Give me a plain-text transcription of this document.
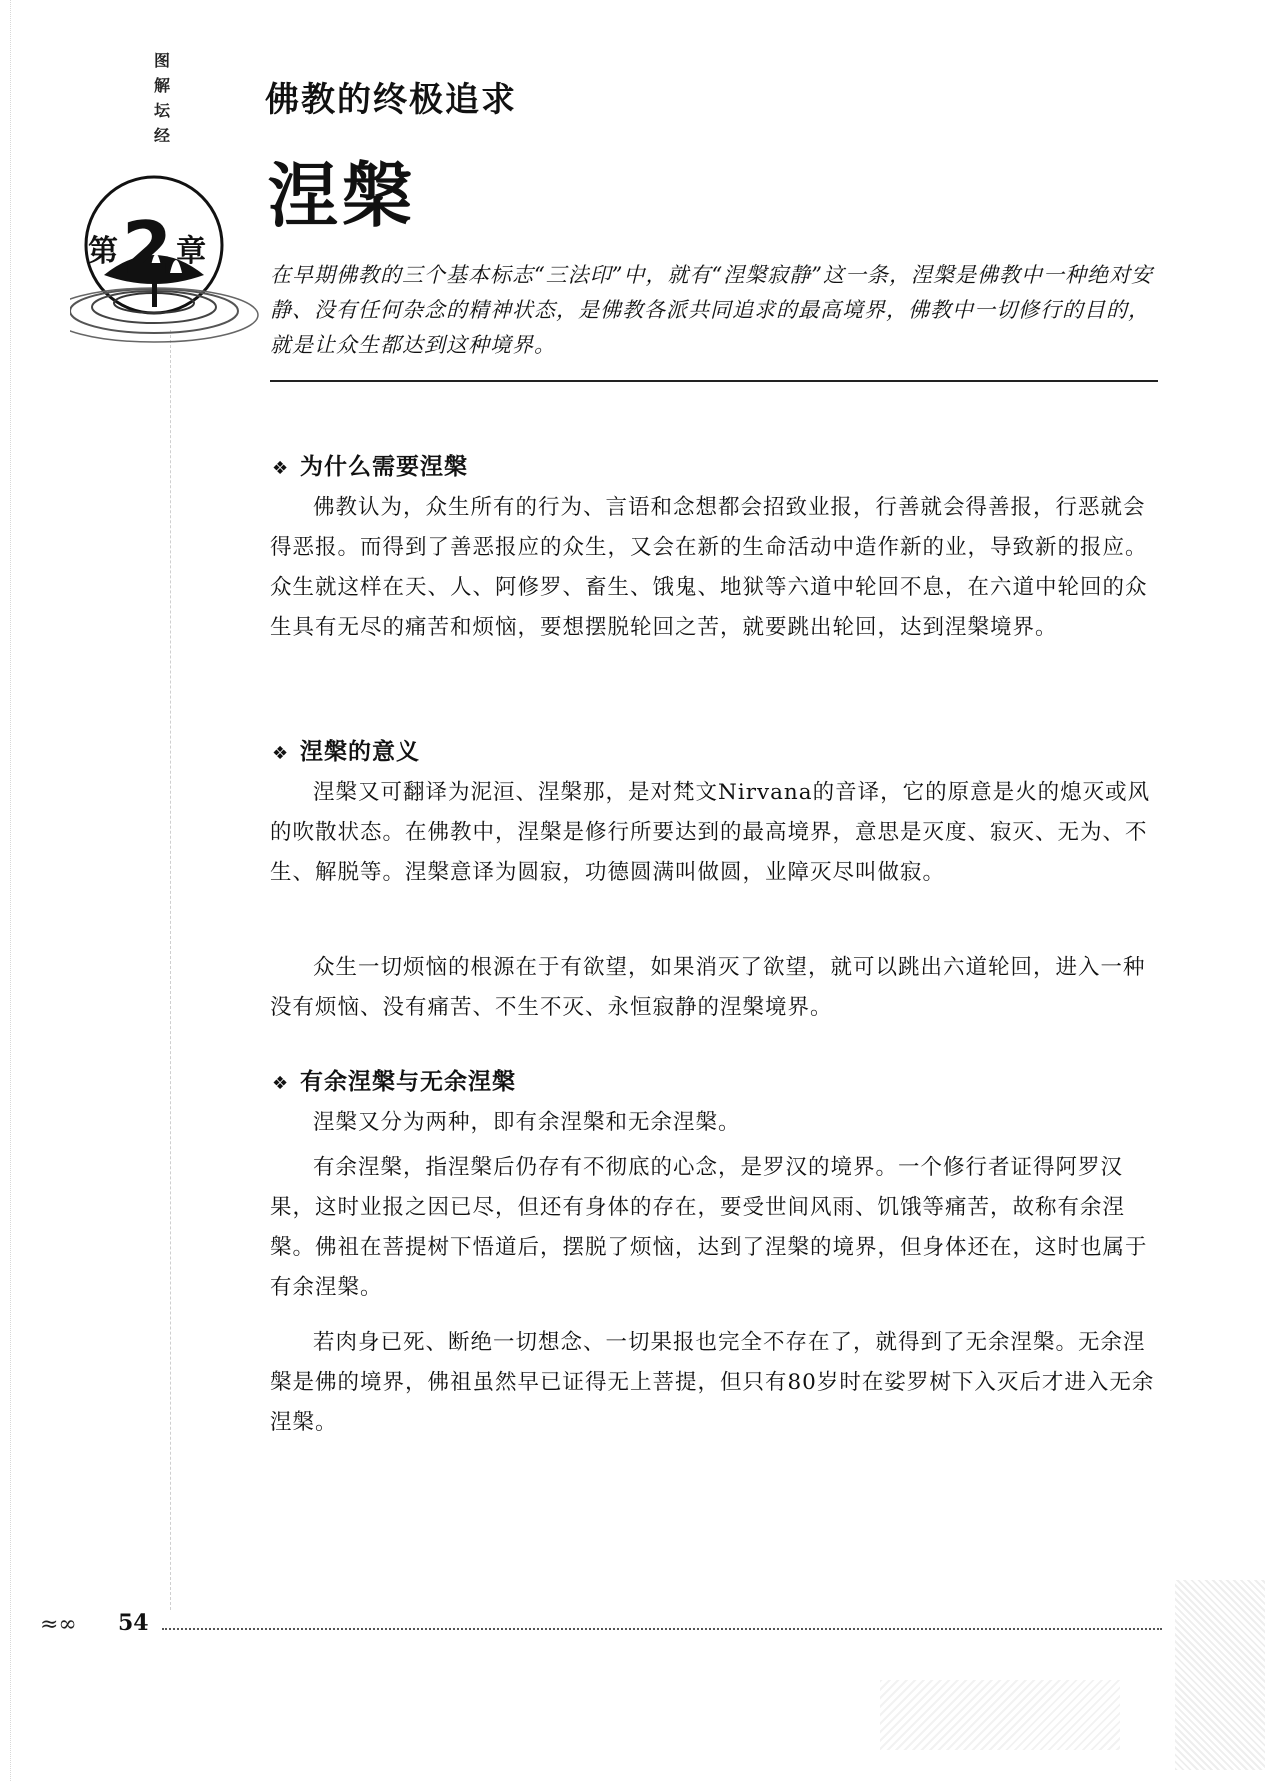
图解坛经
第2 章
佛教的终极追求
涅槃
在早期佛教的三个基本标志“三法印”中，就有“涅槃寂静”这一条，涅槃是佛教中一种绝对安静、没有任何杂念的精神状态，是佛教各派共同追求的最高境界，佛教中一切修行的目的，就是让众生都达到这种境界。
❖ 为什么需要涅槃
佛教认为，众生所有的行为、言语和念想都会招致业报，行善就会得善报，行恶就会得恶报。而得到了善恶报应的众生，又会在新的生命活动中造作新的业，导致新的报应。众生就这样在天、人、阿修罗、畜生、饿鬼、地狱等六道中轮回不息，在六道中轮回的众生具有无尽的痛苦和烦恼，要想摆脱轮回之苦，就要跳出轮回，达到涅槃境界。
❖ 涅槃的意义
涅槃又可翻译为泥洹、涅槃那，是对梵文Nirvana的音译，它的原意是火的熄灭或风的吹散状态。在佛教中，涅槃是修行所要达到的最高境界，意思是灭度、寂灭、无为、不生、解脱等。涅槃意译为圆寂，功德圆满叫做圆，业障灭尽叫做寂。
众生一切烦恼的根源在于有欲望，如果消灭了欲望，就可以跳出六道轮回，进入一种没有烦恼、没有痛苦、不生不灭、永恒寂静的涅槃境界。
❖ 有余涅槃与无余涅槃
涅槃又分为两种，即有余涅槃和无余涅槃。
有余涅槃，指涅槃后仍存有不彻底的心念，是罗汉的境界。一个修行者证得阿罗汉果，这时业报之因已尽，但还有身体的存在，要受世间风雨、饥饿等痛苦，故称有余涅槃。佛祖在菩提树下悟道后，摆脱了烦恼，达到了涅槃的境界，但身体还在，这时也属于有余涅槃。
若肉身已死、断绝一切想念、一切果报也完全不存在了，就得到了无余涅槃。无余涅槃是佛的境界，佛祖虽然早已证得无上菩提，但只有80岁时在娑罗树下入灭后才进入无余涅槃。
≈∞ 54
